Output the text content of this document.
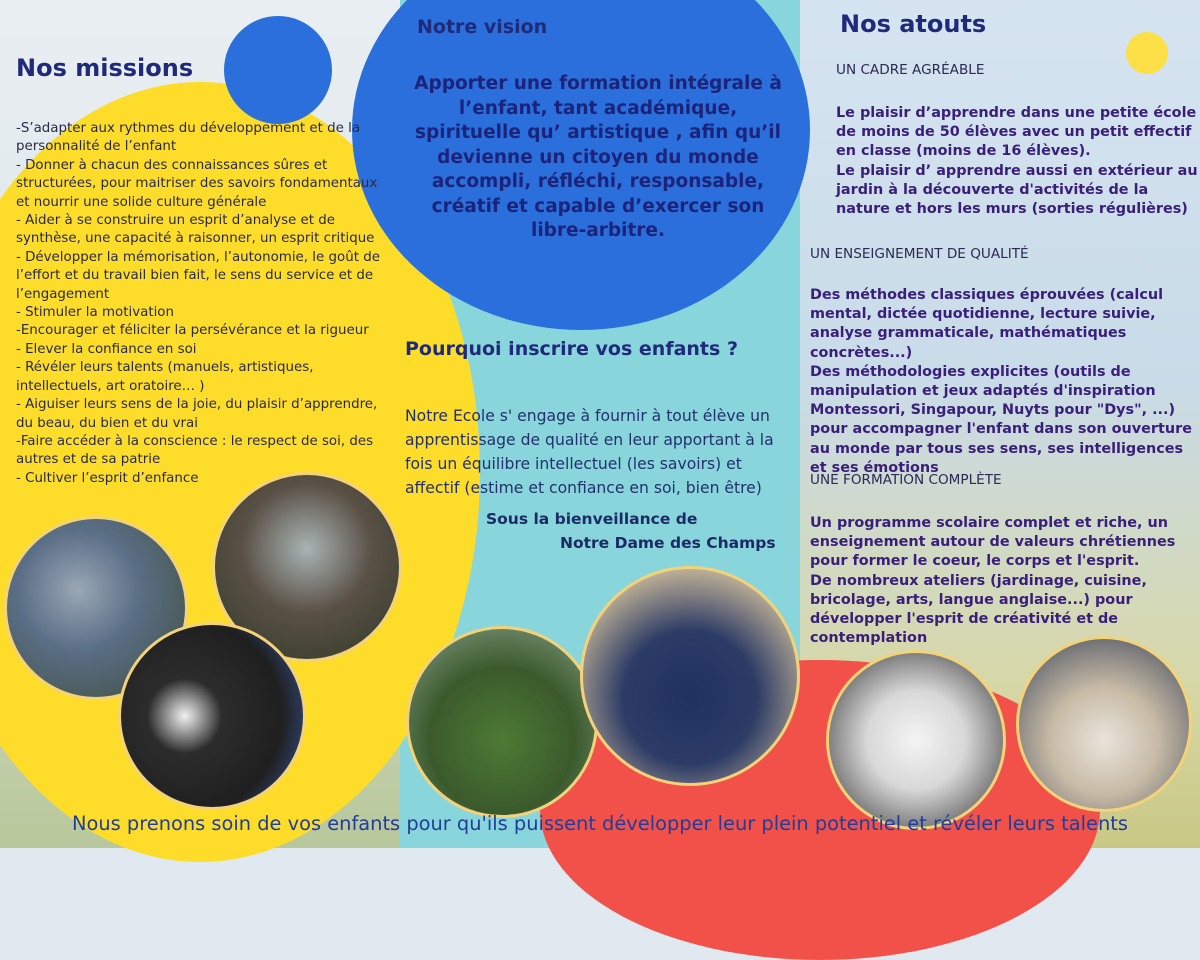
Nos missions
-S’adapter aux rythmes du développement et de la personnalité de l’enfant
- Donner à chacun des connaissances sûres et structurées, pour maitriser des savoirs fondamentaux et nourrir une solide culture générale
- Aider à se construire un esprit d’analyse et de synthèse, une capacité à raisonner, un esprit critique
- Développer la mémorisation, l’autonomie, le goût de l’effort et du travail bien fait, le sens du service et de l’engagement
- Stimuler la motivation
-Encourager et féliciter la persévérance et la rigueur
- Elever la confiance en soi
- Révéler leurs talents (manuels, artistiques, intellectuels, art oratoire… )
- Aiguiser leurs sens de la joie, du plaisir d’apprendre, du beau, du bien et du vrai
-Faire accéder à la conscience : le respect de soi, des autres et de sa patrie
- Cultiver l’esprit d’enfance
Notre vision
Apporter une formation intégrale à l’enfant, tant académique, spirituelle qu’ artistique , afin qu’il devienne un citoyen du monde accompli, réfléchi, responsable, créatif et capable d’exercer son libre-arbitre.
Pourquoi inscrire vos enfants ?
Notre Ecole s' engage à fournir à tout élève un apprentissage de qualité en leur apportant à la fois un équilibre intellectuel (les savoirs) et affectif (estime et confiance en soi, bien être)
Sous la bienveillance de
Notre Dame des Champs
Nos atouts
UN CADRE AGRÉABLE

Le plaisir d’apprendre dans une petite école de moins de 50 élèves avec un petit effectif en classe (moins de 16 élèves).

Le plaisir d’ apprendre aussi en extérieur au jardin à la découverte d'activités de la nature et hors les murs (sorties régulières)

UN ENSEIGNEMENT DE QUALITÉ

Des méthodes classiques éprouvées (calcul mental, dictée quotidienne, lecture suivie, analyse grammaticale, mathématiques concrètes...)

Des méthodologies explicites (outils de manipulation et jeux adaptés d'inspiration Montessori, Singapour, Nuyts pour "Dys", ...) pour accompagner l'enfant dans son ouverture au monde par tous ses sens, ses intelligences et ses émotions

UNE FORMATION COMPLÈTE

Un programme scolaire complet et riche, un enseignement autour de valeurs chrétiennes pour former le coeur, le corps et l'esprit.

De nombreux ateliers (jardinage, cuisine, bricolage, arts, langue anglaise...) pour développer l'esprit de créativité et de contemplation

Nous prenons soin de vos enfants pour qu'ils puissent développer leur plein potentiel et révéler leurs talents
